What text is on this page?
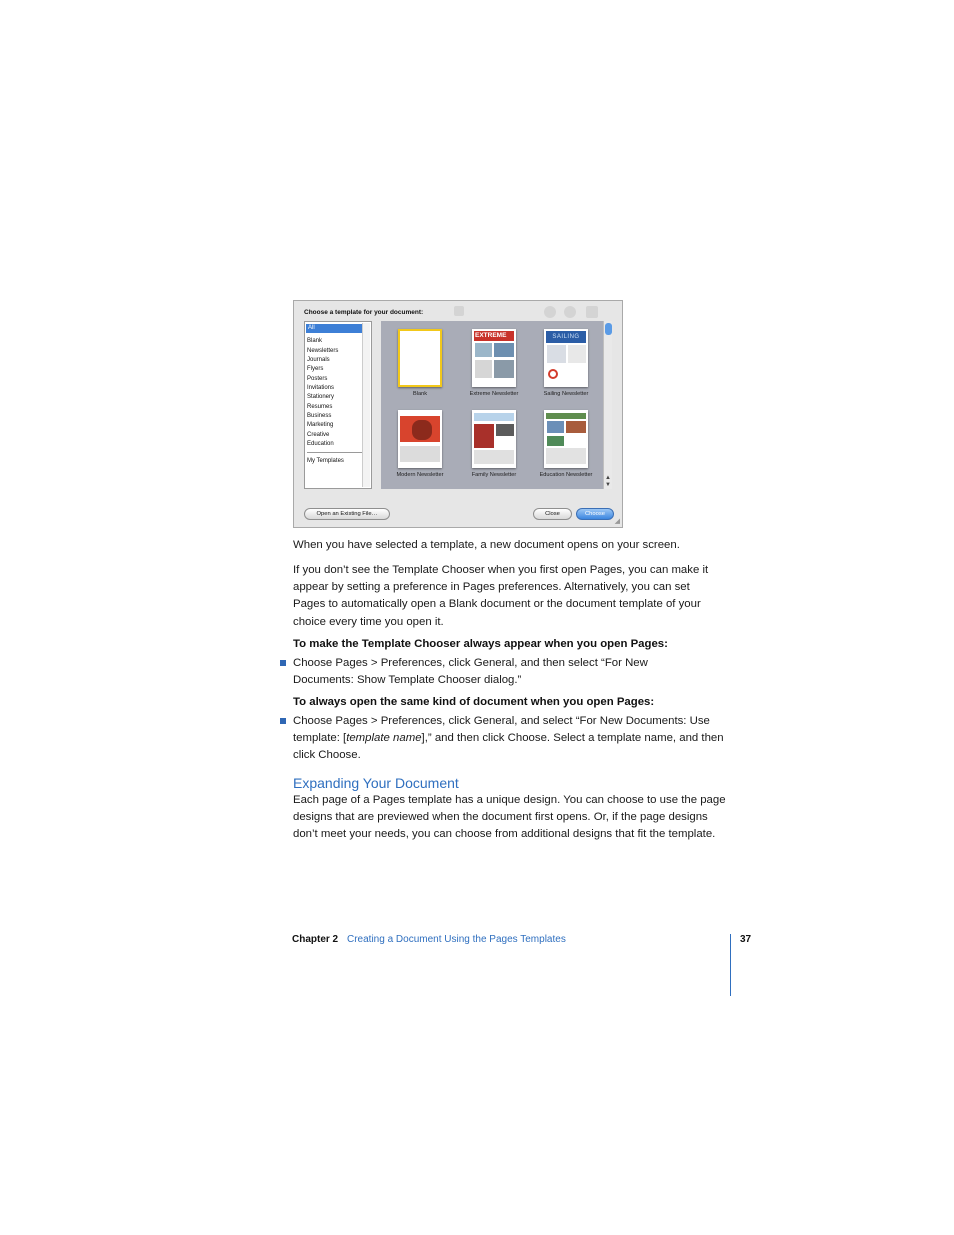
Choose a template for your document:
All
Blank
Newsletters
Journals
Flyers
Posters
Invitations
Stationery
Resumes
Business
Marketing
Creative
Education
My Templates
Blank
EXTREME
Extreme Newsletter
SAILING
Sailing Newsletter
Modern Newsletter	Family Newsletter	Education Newsletter	▲
▼
Open an Existing File…	Close	Choose
◢
When you have selected a template, a new document opens on your screen.
If you don’t see the Template Chooser when you first open Pages, you can make it appear by setting a preference in Pages preferences. Alternatively, you can set Pages to automatically open a Blank document or the document template of your choice every time you open it.
To make the Template Chooser always appear when you open Pages:
Choose Pages > Preferences, click General, and then select “For New Documents: Show Template Chooser dialog.”
To always open the same kind of document when you open Pages:
Choose Pages > Preferences, click General, and select “For New Documents: Use template: [template name],” and then click Choose. Select a template name, and then click Choose.
Expanding Your Document
Each page of a Pages template has a unique design. You can choose to use the page designs that are previewed when the document first opens. Or, if the page designs don’t meet your needs, you can choose from additional designs that fit the template.
Chapter 2 Creating a Document Using the Pages Templates	37
